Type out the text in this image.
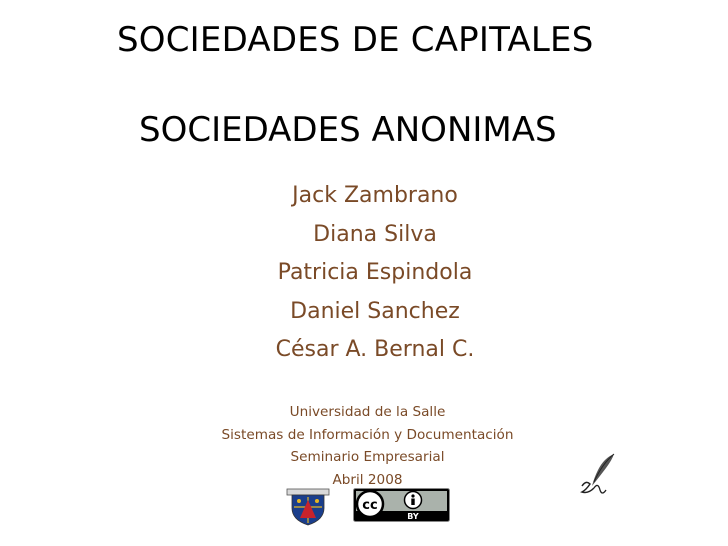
SOCIEDADES DE CAPITALES
SOCIEDADES ANONIMAS
Jack Zambrano
Diana Silva
Patricia Espindola
Daniel Sanchez
César A. Bernal C.
Universidad de la Salle
Sistemas de Información y Documentación
Seminario Empresarial
Abril 2008
cc
BY
